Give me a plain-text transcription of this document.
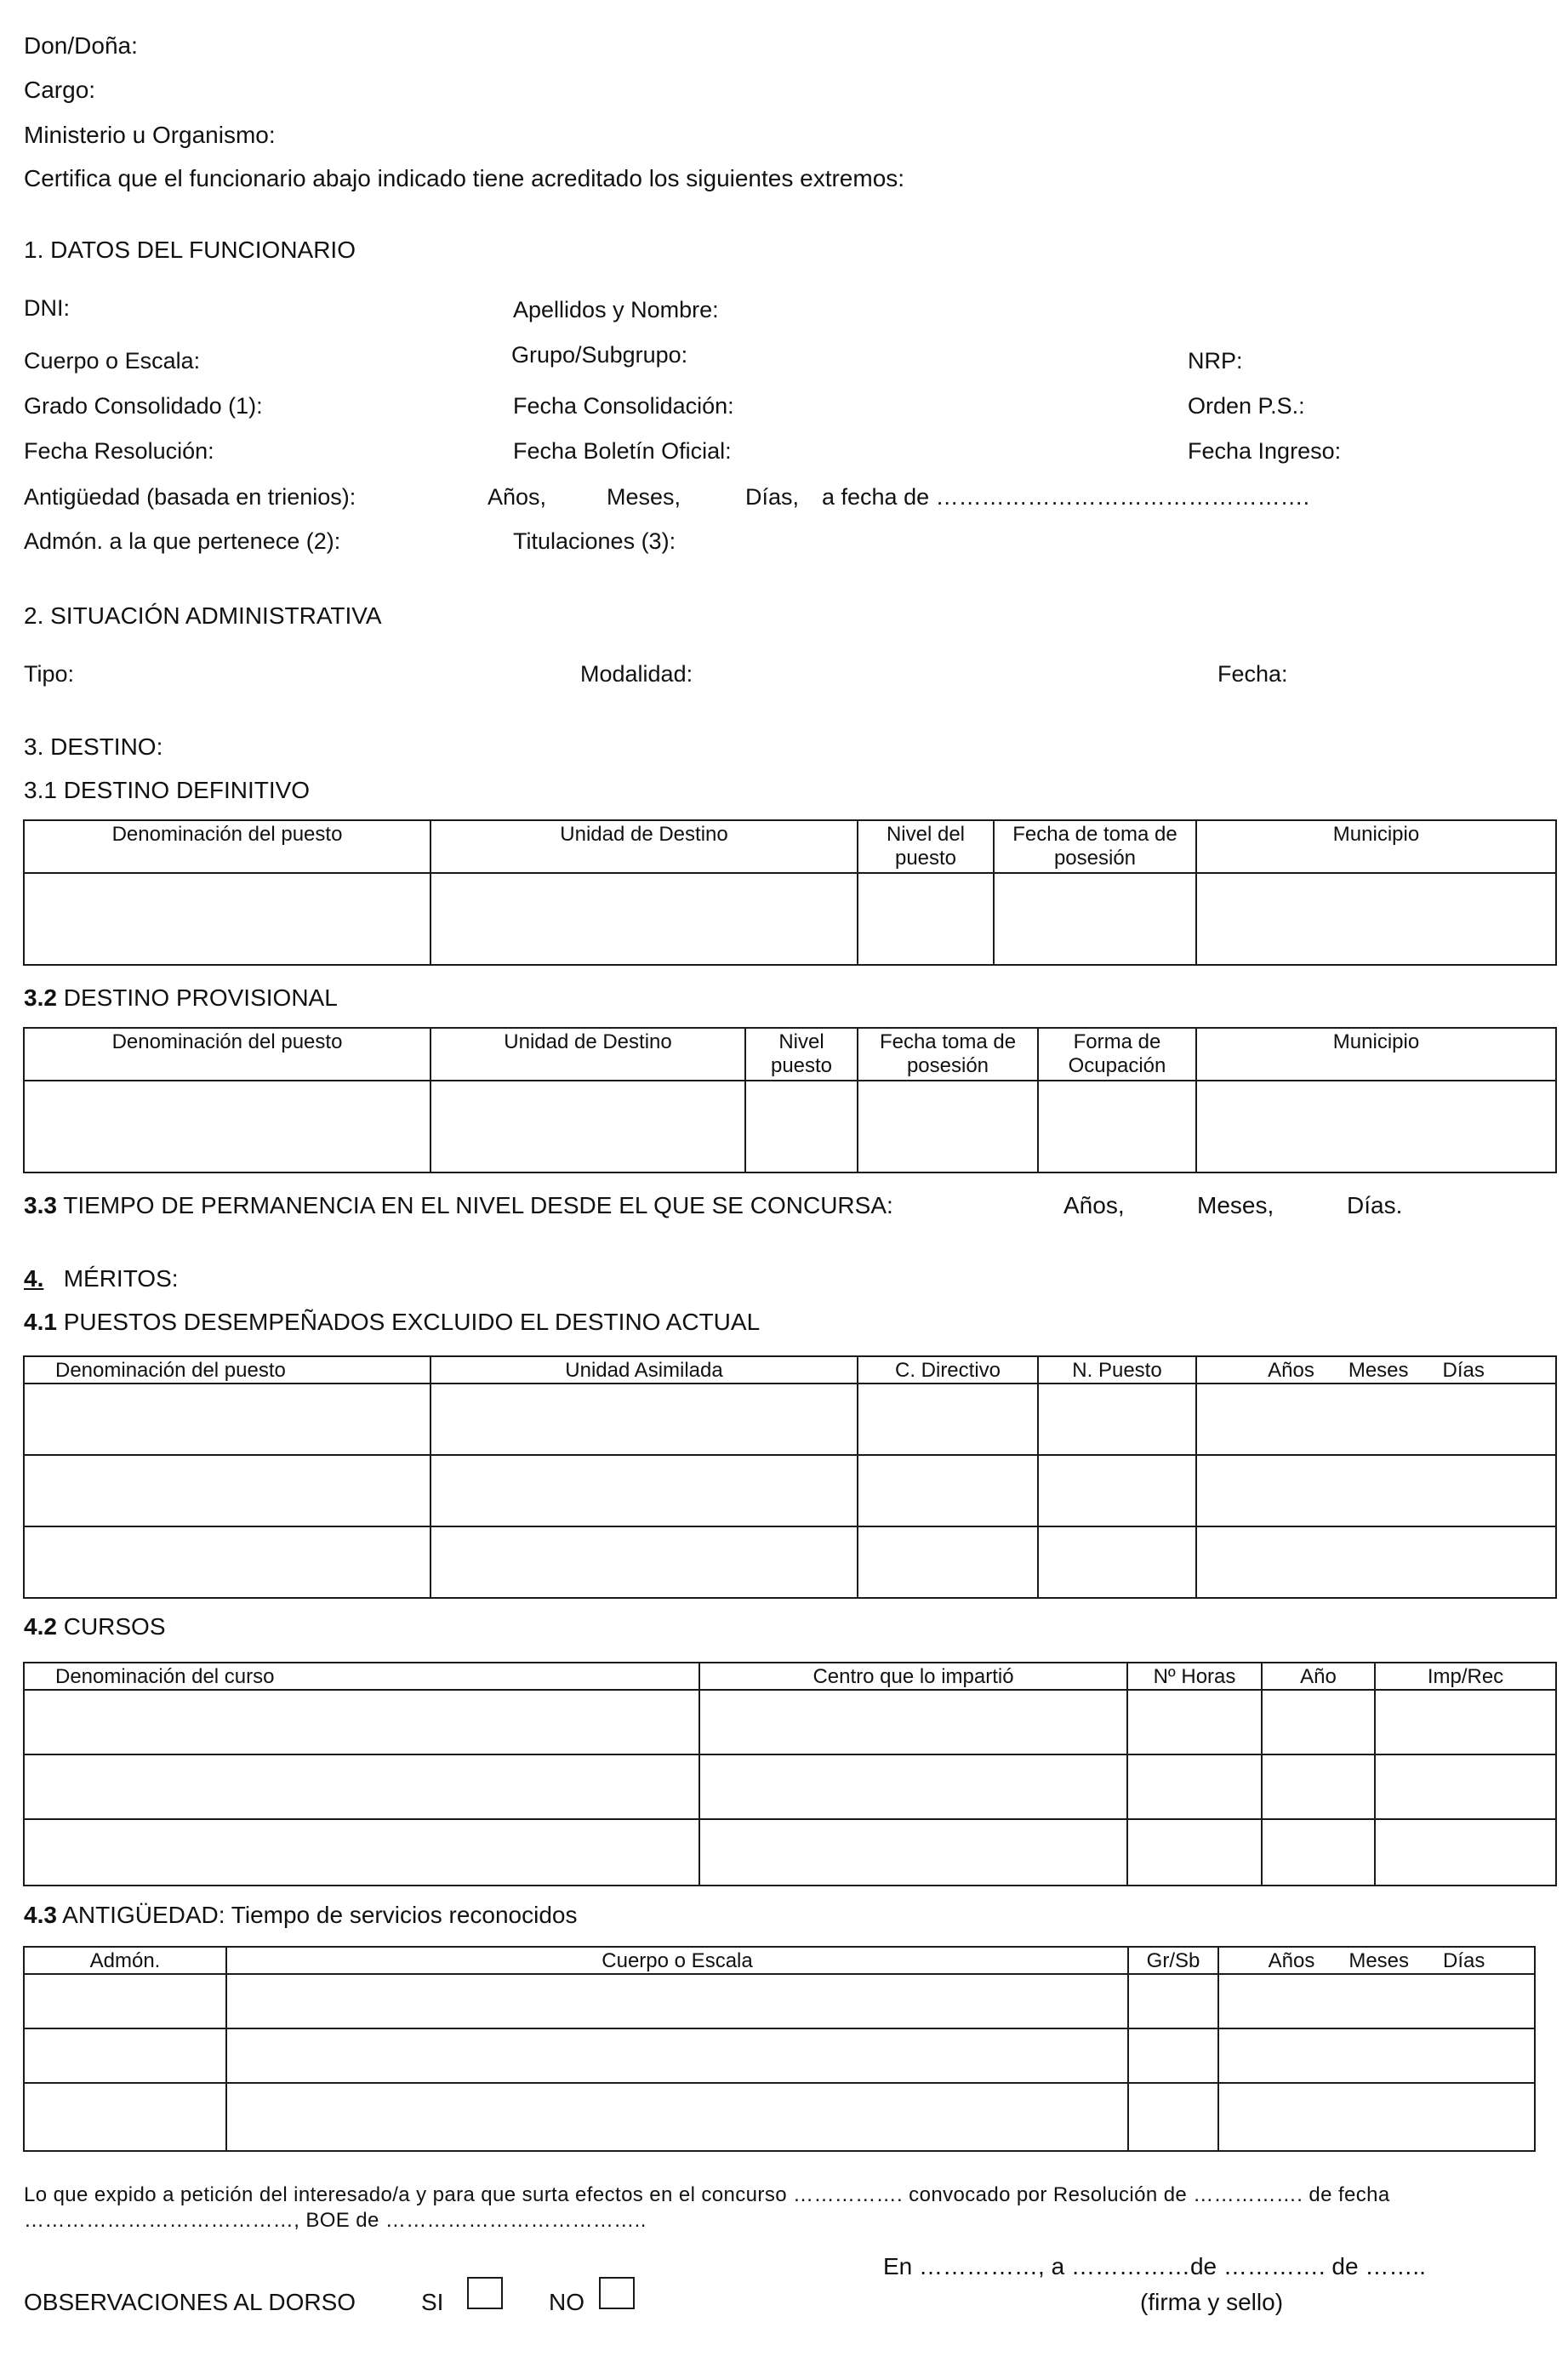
Don/Doña:
Cargo:
Ministerio u Organismo:
Certifica que el funcionario abajo indicado tiene acreditado los siguientes extremos:
1. DATOS DEL FUNCIONARIO
DNI:	Apellidos y Nombre:
Cuerpo o Escala:	Grupo/Subgrupo:	NRP:
Grado Consolidado (1):	Fecha Consolidación:	Orden P.S.:
Fecha Resolución:	Fecha Boletín Oficial:	Fecha Ingreso:
Antigüedad (basada en trienios):	Años,	Meses,	Días, a fecha de ………………………………………….
Admón. a la que pertenece (2):	Titulaciones (3):
2. SITUACIÓN ADMINISTRATIVA
Tipo:	Modalidad:	Fecha:
3. DESTINO:
3.1 DESTINO DEFINITIVO
Denominación del puesto	Unidad de Destino	Nivel del puesto	Fecha de toma de posesión	Municipio

3.2 DESTINO PROVISIONAL
Denominación del puesto	Unidad de Destino	Nivel puesto	Fecha toma de posesión	Forma de Ocupación	Municipio

3.3 TIEMPO DE PERMANENCIA EN EL NIVEL DESDE EL QUE SE CONCURSA:	Años,	Meses,	Días.
4. MÉRITOS:
4.1 PUESTOS DESEMPEÑADOS EXCLUIDO EL DESTINO ACTUAL
Denominación del puesto	Unidad Asimilada	C. Directivo	N. Puesto	Años Meses Días

4.2 CURSOS
Denominación del curso	Centro que lo impartió	Nº Horas	Año	Imp/Rec

4.3 ANTIGÜEDAD: Tiempo de servicios reconocidos
Admón.	Cuerpo o Escala	Gr/Sb	Años Meses Días

Lo que expido a petición del interesado/a y para que surta efectos en el concurso ……………. convocado por Resolución de ……………. de fecha
…………………………………, BOE de ………………………………..
En ……………, a ……………de …………. de ……..
(firma y sello)
OBSERVACIONES AL DORSO	SI	NO
